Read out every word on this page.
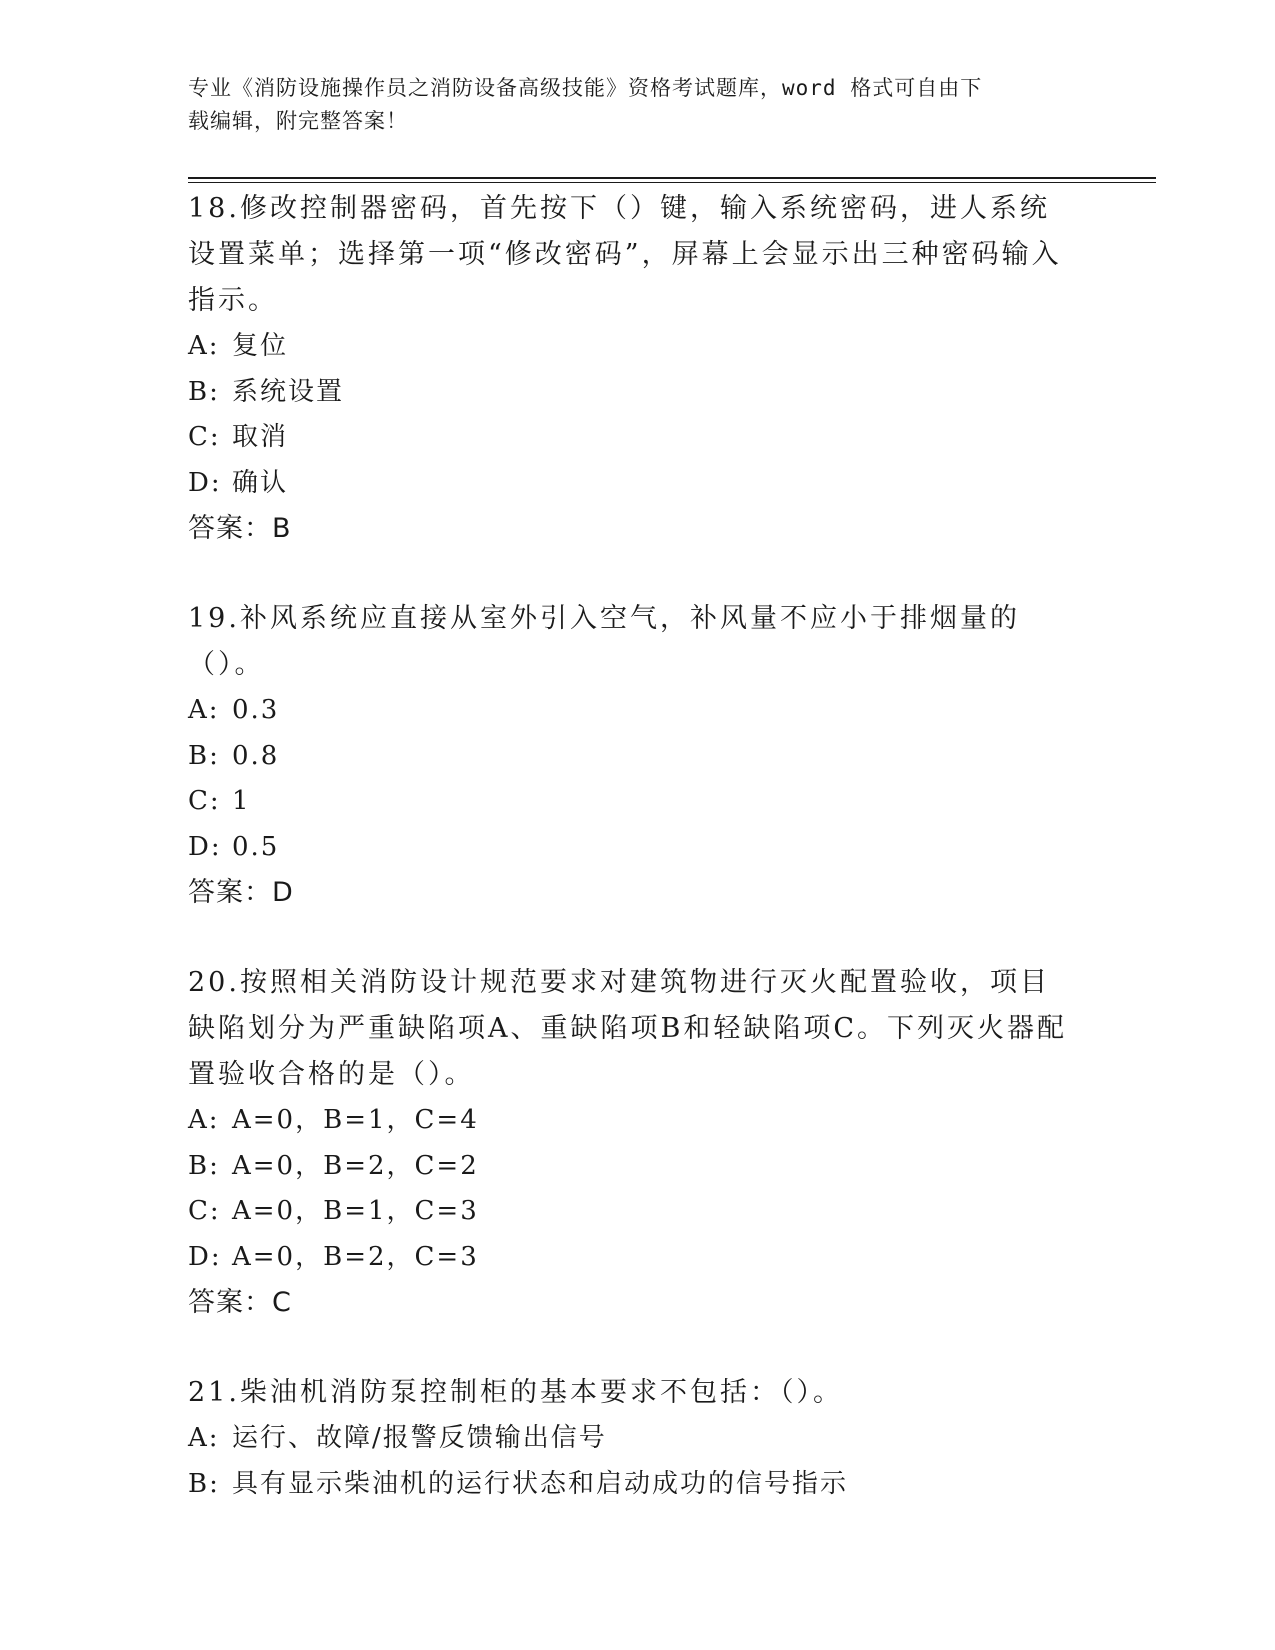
专业《消防设施操作员之消防设备高级技能》资格考试题库，word 格式可自由下
载编辑，附完整答案！
18.修改控制器密码，首先按下（）键，输入系统密码，进人系统设置菜单；选择第一项“修改密码”，屏幕上会显示出三种密码输入指示。
A: 复位
B: 系统设置
C: 取消
D: 确认
答案：B
19.补风系统应直接从室外引入空气，补风量不应小于排烟量的（）。
A: 0.3
B: 0.8
C: 1
D: 0.5
答案：D
20.按照相关消防设计规范要求对建筑物进行灭火配置验收，项目缺陷划分为严重缺陷项A、重缺陷项B和轻缺陷项C。下列灭火器配置验收合格的是（）。
A: A=0，B=1，C=4
B: A=0，B=2，C=2
C: A=0，B=1，C=3
D: A=0，B=2，C=3
答案：C
21.柴油机消防泵控制柜的基本要求不包括：（）。
A: 运行、故障/报警反馈输出信号
B: 具有显示柴油机的运行状态和启动成功的信号指示
